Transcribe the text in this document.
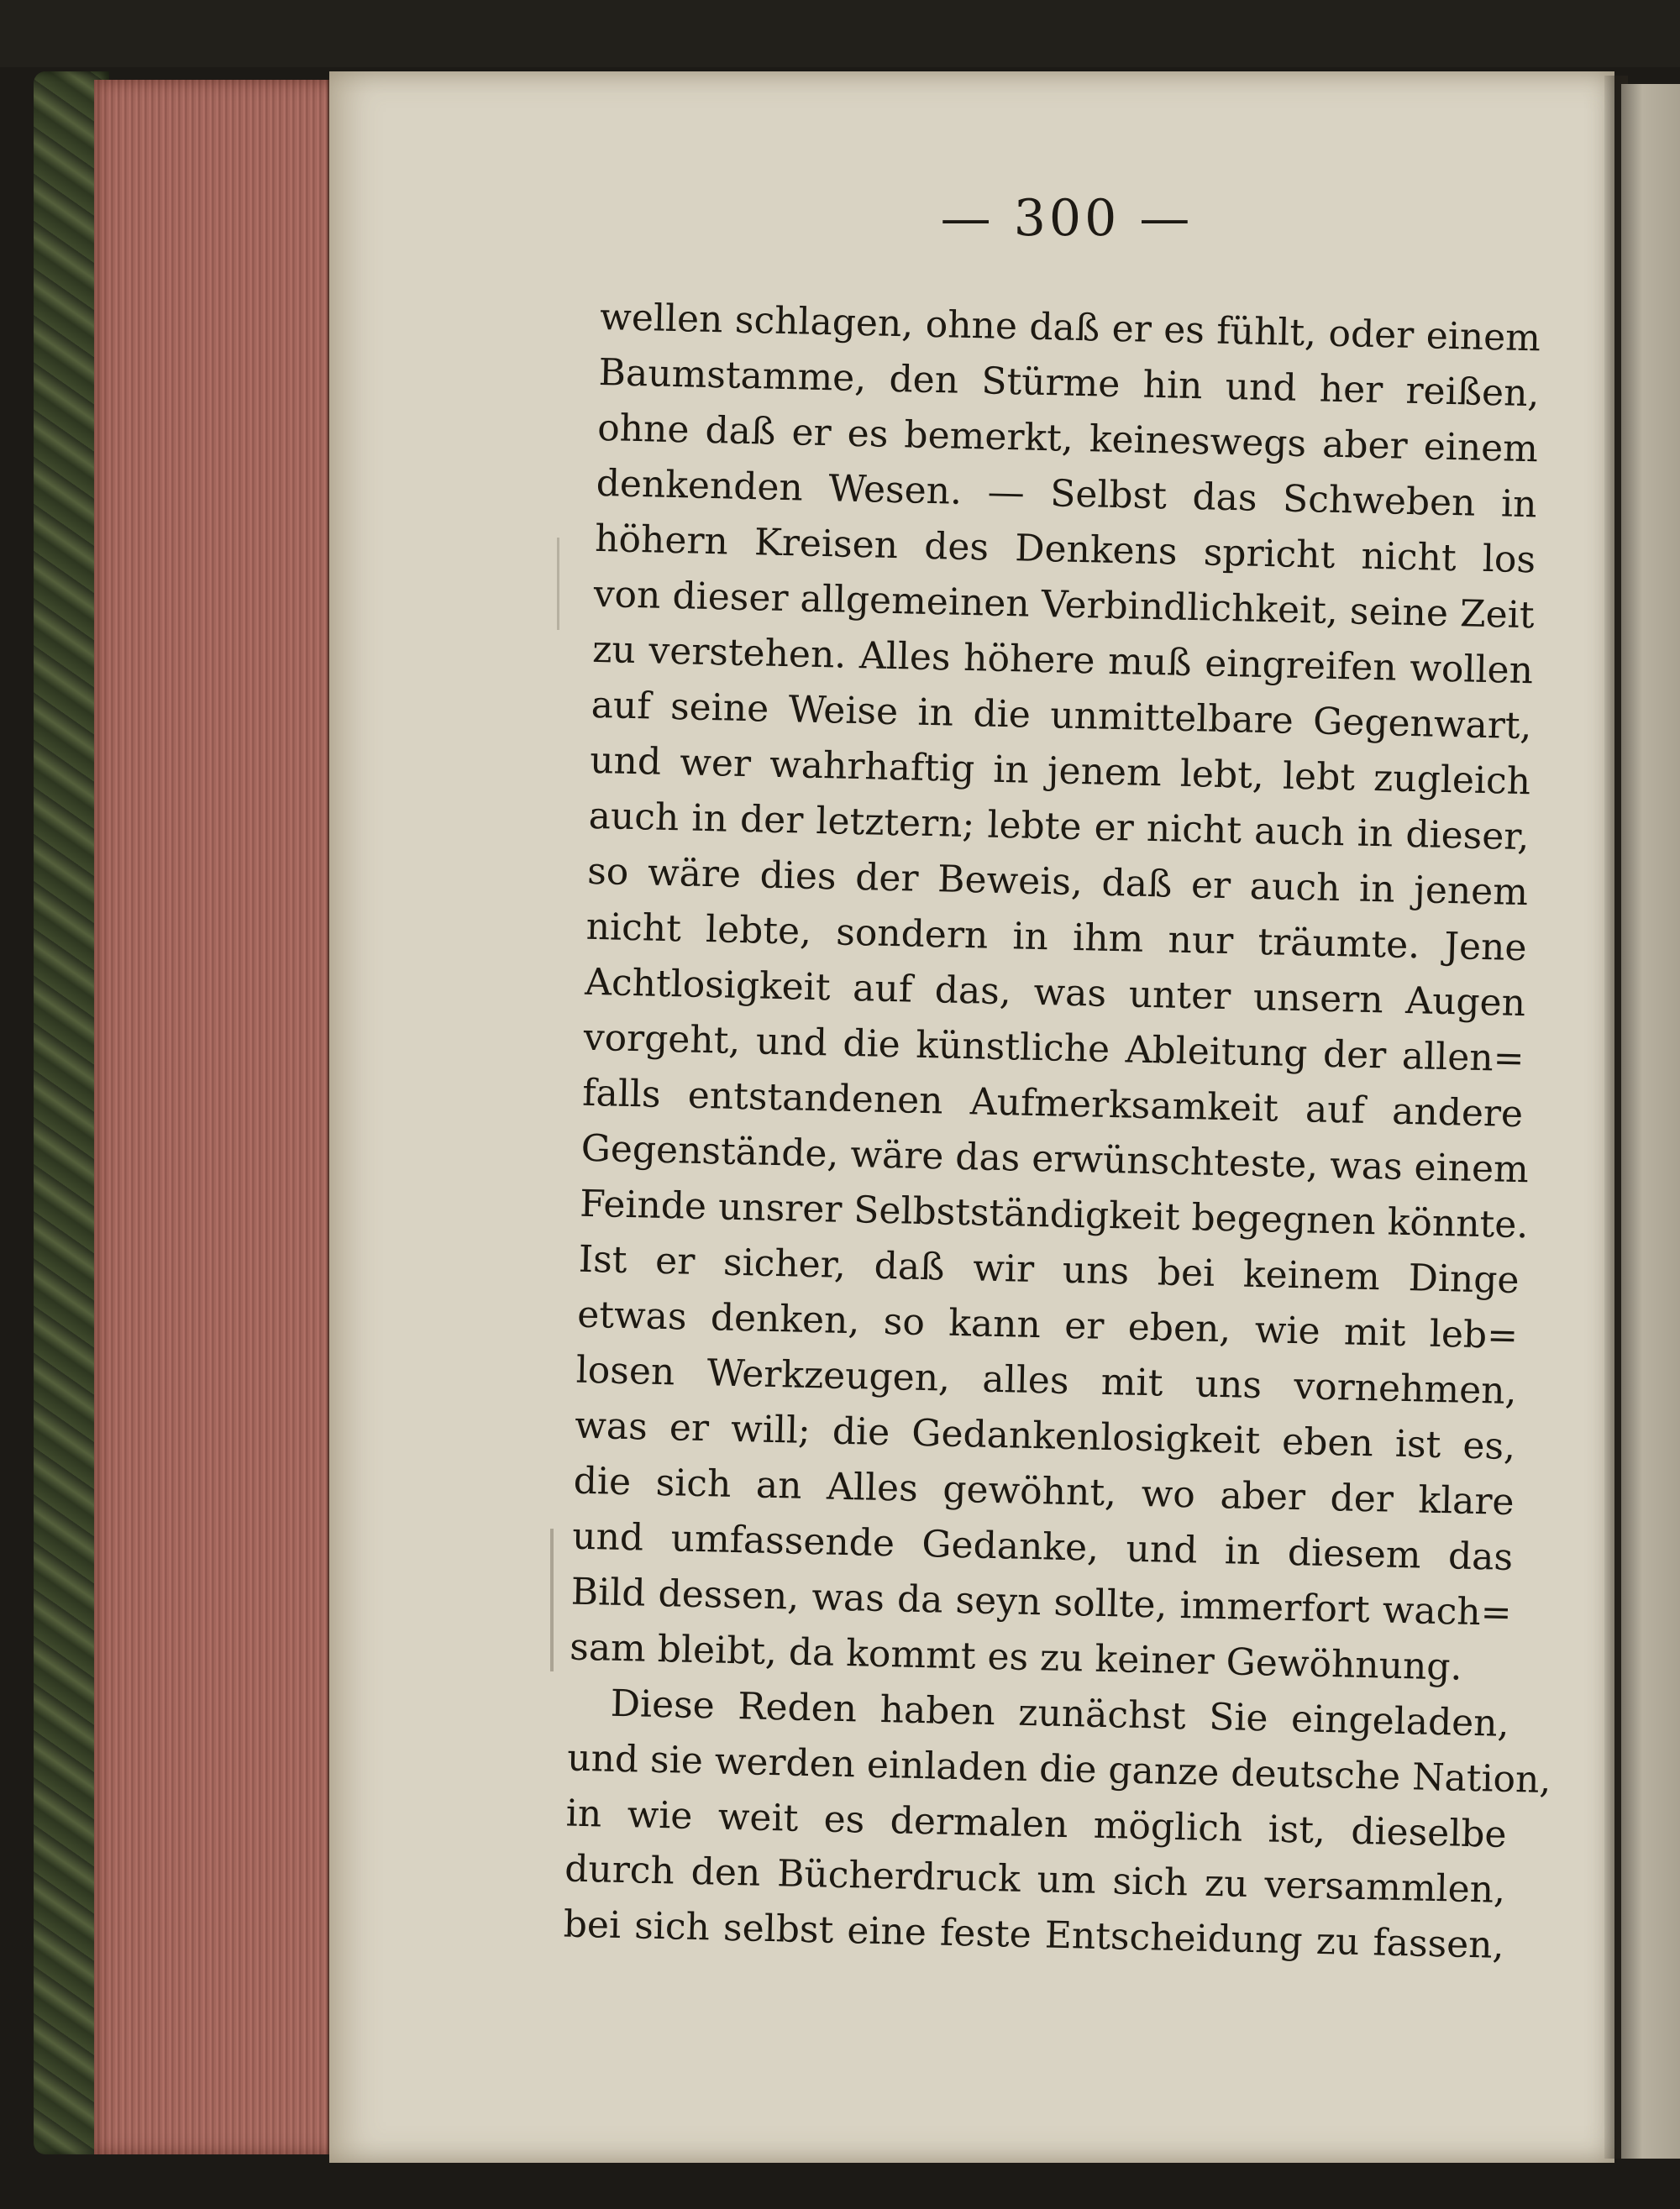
— 300 —
wellen schlagen, ohne daß er es fühlt, oder einem
Baumstamme, den Stürme hin und her reißen,
ohne daß er es bemerkt, keineswegs aber einem
denkenden Wesen. — Selbst das Schweben in
höhern Kreisen des Denkens spricht nicht los
von dieser allgemeinen Verbindlichkeit, seine Zeit
zu verstehen. Alles höhere muß eingreifen wollen
auf seine Weise in die unmittelbare Gegenwart,
und wer wahrhaftig in jenem lebt, lebt zugleich
auch in der letztern; lebte er nicht auch in dieser,
so wäre dies der Beweis, daß er auch in jenem
nicht lebte, sondern in ihm nur träumte. Jene
Achtlosigkeit auf das, was unter unsern Augen
vorgeht, und die künstliche Ableitung der allen=
falls entstandenen Aufmerksamkeit auf andere
Gegenstände, wäre das erwünschteste, was einem
Feinde unsrer Selbstständigkeit begegnen könnte.
Ist er sicher, daß wir uns bei keinem Dinge
etwas denken, so kann er eben, wie mit leb=
losen Werkzeugen, alles mit uns vornehmen,
was er will; die Gedankenlosigkeit eben ist es,
die sich an Alles gewöhnt, wo aber der klare
und umfassende Gedanke, und in diesem das
Bild dessen, was da seyn sollte, immerfort wach=
sam bleibt, da kommt es zu keiner Gewöhnung.
Diese Reden haben zunächst Sie eingeladen,
und sie werden einladen die ganze deutsche Nation,
in wie weit es dermalen möglich ist, dieselbe
durch den Bücherdruck um sich zu versammlen,
bei sich selbst eine feste Entscheidung zu fassen,
